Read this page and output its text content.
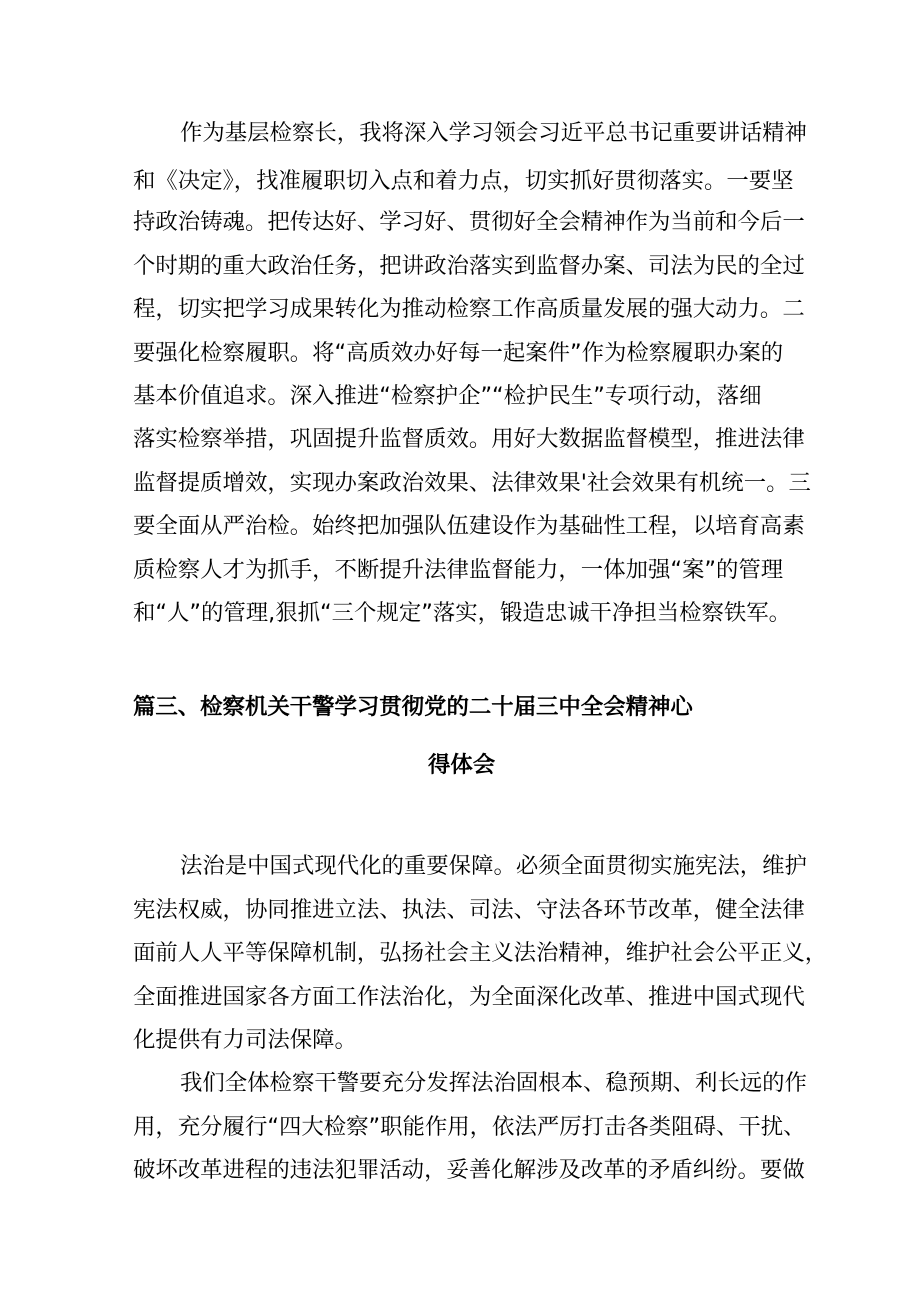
作为基层检察长，我将深入学习领会习近平总书记重要讲话精神
和《决定》，找准履职切入点和着力点，切实抓好贯彻落实。一要坚
持政治铸魂。把传达好、学习好、贯彻好全会精神作为当前和今后一
个时期的重大政治任务，把讲政治落实到监督办案、司法为民的全过
程，切实把学习成果转化为推动检察工作高质量发展的强大动力。二
要强化检察履职。将“高质效办好每一起案件”作为检察履职办案的
基本价值追求。深入推进“检察护企”“检护民生”专项行动，落细
落实检察举措，巩固提升监督质效。用好大数据监督模型，推进法律
监督提质增效，实现办案政治效果、法律效果'社会效果有机统一。三
要全面从严治检。始终把加强队伍建设作为基础性工程，以培育高素
质检察人才为抓手，不断提升法律监督能力，一体加强“案”的管理
和“人”的管理,狠抓“三个规定”落实，锻造忠诚干净担当检察铁军。
篇三、检察机关干警学习贯彻党的二十届三中全会精神心
得体会
法治是中国式现代化的重要保障。必须全面贯彻实施宪法，维护
宪法权威，协同推进立法、执法、司法、守法各环节改革，健全法律
面前人人平等保障机制，弘扬社会主义法治精神，维护社会公平正义，
全面推进国家各方面工作法治化，为全面深化改革、推进中国式现代
化提供有力司法保障。
我们全体检察干警要充分发挥法治固根本、稳预期、利长远的作
用，充分履行“四大检察”职能作用，依法严厉打击各类阻碍、干扰、
破坏改革进程的违法犯罪活动，妥善化解涉及改革的矛盾纠纷。要做
